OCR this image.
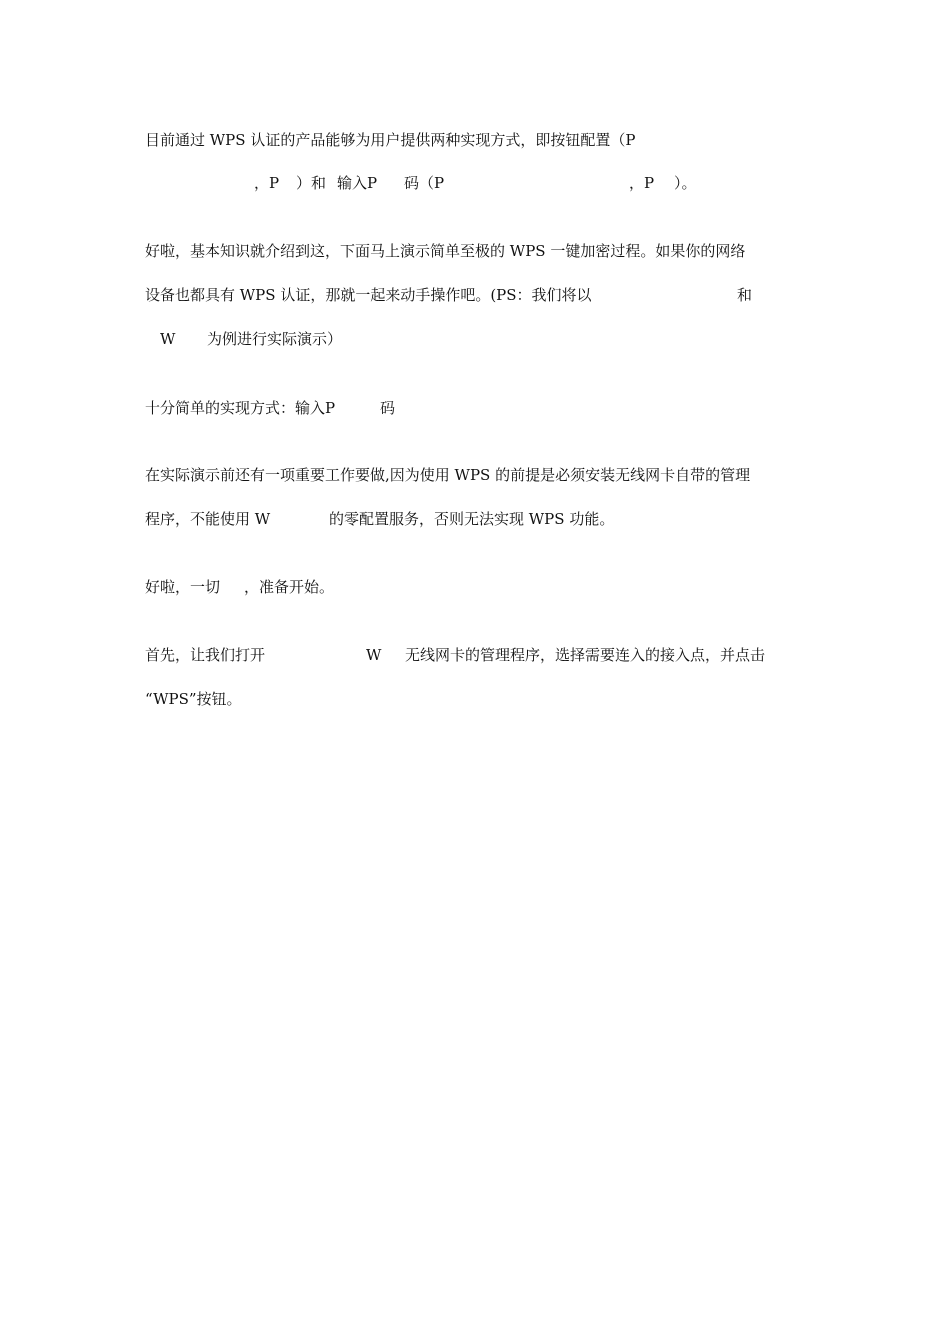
目前通过 WPS 认证的产品能够为用户提供两种实现方式，即按钮配置（P

，P

）和

输入P

码（P

	，P

）。

好啦，基本知识就介绍到这，下面马上演示简单至极的 WPS 一键加密过程。如果你的网络

设备也都具有 WPS 认证，那就一起来动手操作吧。(PS：我们将以

	和

W

为例进行实际演示）

十分简单的实现方式：输入P

	码

在实际演示前还有一项重要工作要做,因为使用 WPS 的前提是必须安装无线网卡自带的管理

程序，不能使用 W

	的零配置服务，否则无法实现 WPS 功能。

好啦，一切

，准备开始。

首先，让我们打开

	W

无线网卡的管理程序，选择需要连入的接入点，并点击

“WPS”按钮。
